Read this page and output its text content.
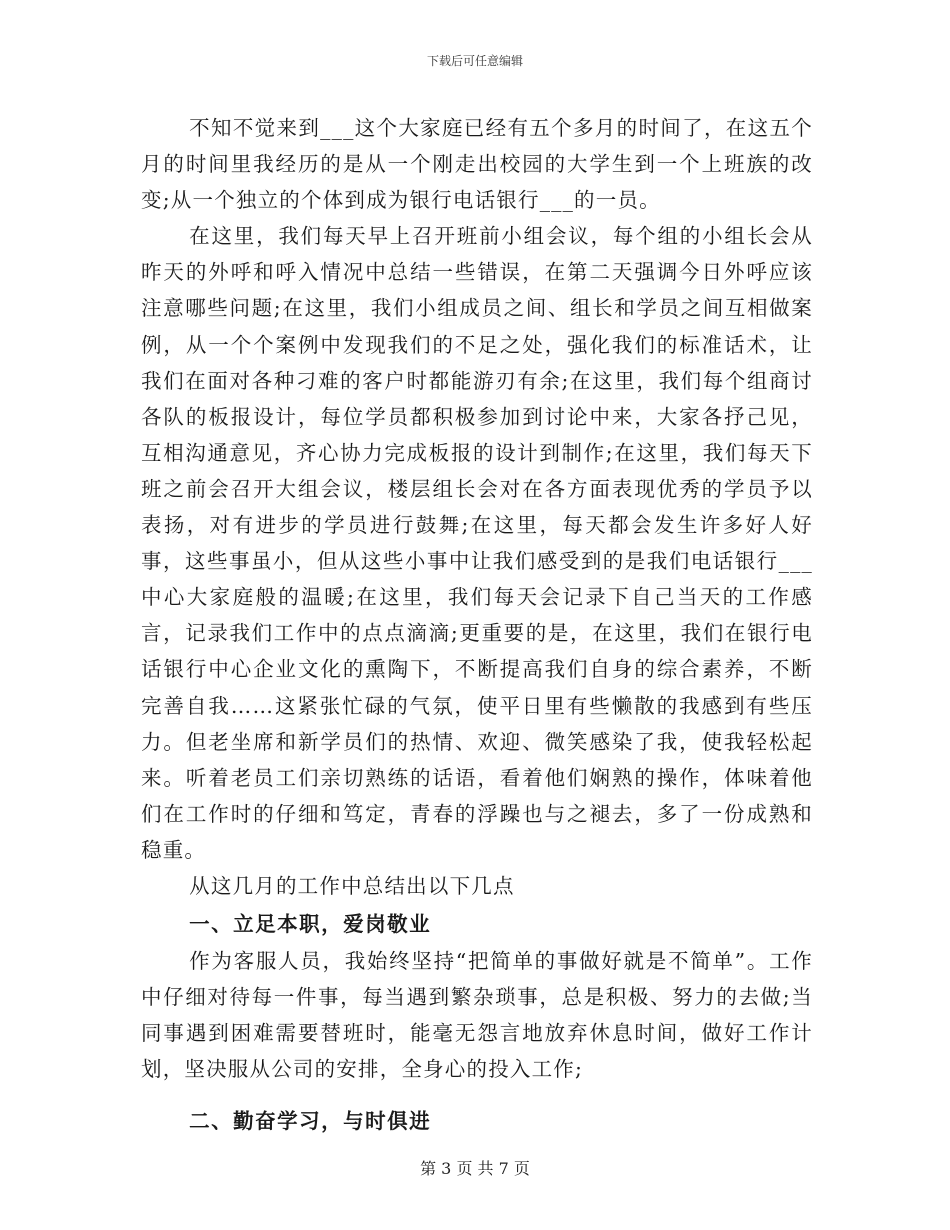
下载后可任意编辑

不知不觉来到___这个大家庭已经有五个多月的时间了，在这五个月的时间里我经历的是从一个刚走出校园的大学生到一个上班族的改变;从一个独立的个体到成为银行电话银行___的一员。

在这里，我们每天早上召开班前小组会议，每个组的小组长会从昨天的外呼和呼入情况中总结一些错误，在第二天强调今日外呼应该注意哪些问题;在这里，我们小组成员之间、组长和学员之间互相做案例，从一个个案例中发现我们的不足之处，强化我们的标准话术，让我们在面对各种刁难的客户时都能游刃有余;在这里，我们每个组商讨各队的板报设计，每位学员都积极参加到讨论中来，大家各抒己见，互相沟通意见，齐心协力完成板报的设计到制作;在这里，我们每天下班之前会召开大组会议，楼层组长会对在各方面表现优秀的学员予以表扬，对有进步的学员进行鼓舞;在这里，每天都会发生许多好人好事，这些事虽小，但从这些小事中让我们感受到的是我们电话银行___中心大家庭般的温暖;在这里，我们每天会记录下自己当天的工作感言，记录我们工作中的点点滴滴;更重要的是，在这里，我们在银行电话银行中心企业文化的熏陶下，不断提高我们自身的综合素养，不断完善自我……这紧张忙碌的气氛，使平日里有些懒散的我感到有些压力。但老坐席和新学员们的热情、欢迎、微笑感染了我，使我轻松起来。听着老员工们亲切熟练的话语，看着他们娴熟的操作，体味着他们在工作时的仔细和笃定，青春的浮躁也与之褪去，多了一份成熟和稳重。

从这几月的工作中总结出以下几点

一、立足本职，爱岗敬业

作为客服人员，我始终坚持“把简单的事做好就是不简单”。工作中仔细对待每一件事，每当遇到繁杂琐事，总是积极、努力的去做;当同事遇到困难需要替班时，能毫无怨言地放弃休息时间，做好工作计划，坚决服从公司的安排，全身心的投入工作;

二、勤奋学习，与时俱进
第 3 页 共 7 页
